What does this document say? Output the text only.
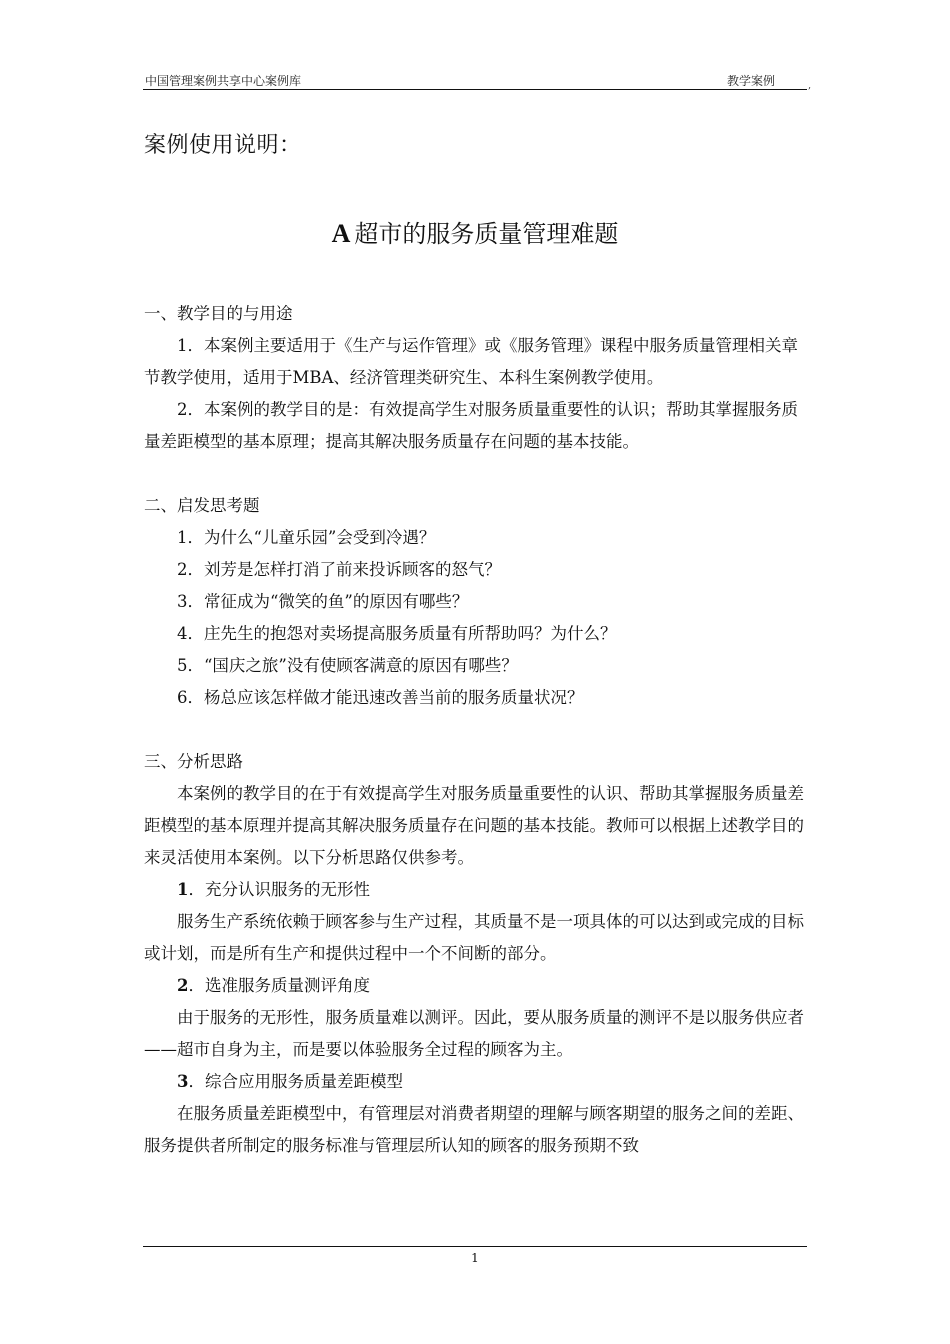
中国管理案例共享中心案例库	教学案例	,
案例使用说明：
A 超市的服务质量管理难题

一、教学目的与用途

1．本案例主要适用于《生产与运作管理》或《服务管理》课程中服务质量管理相关章节教学使用，适用于MBA、经济管理类研究生、本科生案例教学使用。

2．本案例的教学目的是：有效提高学生对服务质量重要性的认识；帮助其掌握服务质量差距模型的基本原理；提高其解决服务质量存在问题的基本技能。

二、启发思考题

1．为什么“儿童乐园”会受到冷遇？

2．刘芳是怎样打消了前来投诉顾客的怒气？

3．常征成为“微笑的鱼”的原因有哪些？

4．庄先生的抱怨对卖场提高服务质量有所帮助吗？为什么？

5．“国庆之旅”没有使顾客满意的原因有哪些？

6．杨总应该怎样做才能迅速改善当前的服务质量状况？

三、分析思路

本案例的教学目的在于有效提高学生对服务质量重要性的认识、帮助其掌握服务质量差距模型的基本原理并提高其解决服务质量存在问题的基本技能。教师可以根据上述教学目的来灵活使用本案例。以下分析思路仅供参考。

1．充分认识服务的无形性

服务生产系统依赖于顾客参与生产过程，其质量不是一项具体的可以达到或完成的目标或计划，而是所有生产和提供过程中一个不间断的部分。

2．选准服务质量测评角度

由于服务的无形性，服务质量难以测评。因此，要从服务质量的测评不是以服务供应者——超市自身为主，而是要以体验服务全过程的顾客为主。

3．综合应用服务质量差距模型

在服务质量差距模型中，有管理层对消费者期望的理解与顾客期望的服务之间的差距、服务提供者所制定的服务标准与管理层所认知的顾客的服务预期不致

1
